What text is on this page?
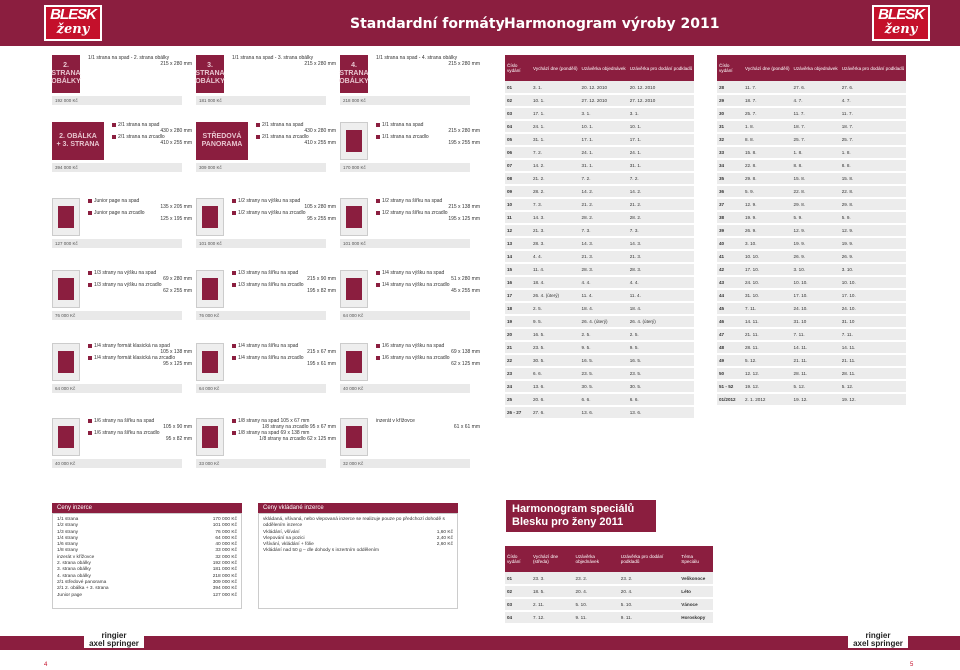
BLESK
ženy	Standardní formáty Harmonogram výroby 2011
BLESK
ženy
2.
STRANA
OBÁLKY
1/1 strana na spad - 2. strana obálky
215 x 280 mm
192 000 Kč
3.
STRANA
OBÁLKY
1/1 strana na spad - 3. strana obálky
215 x 280 mm
181 000 Kč
4.
STRANA
OBÁLKY
1/1 strana na spad - 4. strana obálky
215 x 280 mm
218 000 Kč
2. OBÁLKA
+ 3. STRANA
2/1 strana na spad
430 x 280 mm
2/1 strana na zrcadlo
410 x 255 mm
394 000 Kč
STŘEDOVÁ
PANORAMA
2/1 strana na spad
430 x 280 mm
2/1 strana na zrcadlo
410 x 255 mm
309 000 Kč
1/1 strana na spad
215 x 280 mm
1/1 strana na zrcadlo
195 x 255 mm
170 000 Kč
Junior page na spad
135 x 205 mm
Junior page na zrcadlo
125 x 195 mm
127 000 Kč
1/2 strany na výšku na spad
105 x 280 mm
1/2 strany na výšku na zrcadlo
95 x 255 mm
101 000 Kč
1/2 strany na šířku na spad
215 x 138 mm
1/2 strany na šířku na zrcadlo
195 x 125 mm
101 000 Kč
1/3 strany na výšku na spad
69 x 280 mm
1/3 strany na výšku na zrcadlo
62 x 255 mm
76 000 Kč
1/3 strany na šířku na spad
215 x 90 mm
1/3 strany na šířku na zrcadlo
195 x 82 mm
76 000 Kč
1/4 strany na výšku na spad
51 x 280 mm
1/4 strany na výšku na zrcadlo
45 x 255 mm
64 000 Kč
1/4 strany formát klasická na spad
105 x 138 mm
1/4 strany formát klasická na zrcadlo
95 x 125 mm
64 000 Kč
1/4 strany na šířku na spad
215 x 67 mm
1/4 strany na šířku na zrcadlo
195 x 61 mm
64 000 Kč
1/6 strany na výšku na spad
69 x 138 mm
1/6 strany na výšku na zrcadlo
62 x 125 mm
40 000 Kč
1/6 strany na šířku na spad
105 x 90 mm
1/6 strany na šířku na zrcadlo
95 x 82 mm
40 000 Kč
1/8 strany na spad 105 x 67 mm
1/8 strany na zrcadlo 95 x 67 mm
1/8 strany na spad 69 x 138 mm
1/8 strany na zrcadlo 62 x 125 mm
33 000 Kč
inzerát v křížovce
61 x 61 mm
32 000 Kč
Číslo vydání	Vychází dne (pondělí)	Uzávěrka objednávek	Uzávěrka pro dodání podkladů
01	3. 1.	20. 12. 2010	20. 12. 2010
02	10. 1.	27. 12. 2010	27. 12. 2010
03	17. 1.	3. 1.	3. 1.
04	24. 1.	10. 1.	10. 1.
05	31. 1.	17. 1.	17. 1.
06	7. 2.	24. 1.	24. 1.
07	14. 2.	31. 1.	31. 1.
08	21. 2.	7. 2.	7. 2.
09	28. 2.	14. 2.	14. 2.
10	7. 3.	21. 2.	21. 2.
11	14. 3.	28. 2.	28. 2.
12	21. 3.	7. 3.	7. 3.
13	28. 3.	14. 3.	14. 3.
14	4. 4.	21. 3.	21. 3.
15	11. 4.	28. 3.	28. 3.
16	18. 4.	4. 4.	4. 4.
17	26. 4. (úterý)	11. 4.	11. 4.
18	2. 5.	18. 4.	18. 4.
19	9. 5.	26. 4. (úterý)	26. 4. (úterý)
20	16. 5.	2. 5.	2. 5.
21	23. 5.	9. 5.	9. 5.
22	30. 5.	16. 5.	16. 5.
23	6. 6.	23. 5.	23. 5.
24	13. 6.	30. 5.	30. 5.
25	20. 6.	6. 6.	6. 6.
26 - 27	27. 6.	13. 6.	13. 6.
Číslo vydání	Vychází dne (pondělí)	Uzávěrka objednávek	Uzávěrka pro dodání podkladů
28	11. 7.	27. 6.	27. 6.
29	18. 7.	4. 7.	4. 7.
30	25. 7.	11. 7.	11. 7.
31	1. 8.	18. 7.	18. 7.
32	8. 8.	25. 7.	25. 7.
33	15. 8.	1. 8.	1. 8.
34	22. 8.	8. 8.	8. 8.
35	29. 8.	15. 8.	15. 8.
36	5. 9.	22. 8.	22. 8.
37	12. 9.	29. 8.	29. 8.
38	19. 9.	5. 9.	5. 9.
39	26. 9.	12. 9.	12. 9.
40	3. 10.	19. 9.	19. 9.
41	10. 10.	26. 9.	26. 9.
42	17. 10.	3. 10.	3. 10.
43	24. 10.	10. 10.	10. 10.
44	31. 10.	17. 10.	17. 10.
45	7. 11.	24. 10.	24. 10.
46	14. 11.	31. 10	31. 10
47	21. 11.	7. 11.	7. 11.
48	28. 11.	14. 11.	14. 11.
49	5. 12.	21. 11.	21. 11.
50	12. 12.	28. 11.	28. 11.
51 - 52	19. 12.	5. 12.	5. 12.
01/2012	2. 1. 2012	19. 12.	19. 12.
Harmonogram speciálů Blesku pro ženy 2011
Číslo vydání	Vychází dne (středa)	Uzávěrka objednávek	Uzávěrka pro dodání podkladů	Téma Speciálu
01	23. 3.	23. 2.	23. 2.	Velikonoce
02	18. 5.	20. 4.	20. 4.	Léto
03	2. 11.	5. 10.	5. 10.	Vánoce
04	7. 12.	9. 11.	9. 11.	Horoskopy
Ceny inzerce
1/1 strana	170 000 Kč
1/2 strany	101 000 Kč
1/3 strany	76 000 Kč
1/4 strany	64 000 Kč
1/6 strany	40 000 Kč
1/8 strany	33 000 Kč
inzerát v křížovce	32 000 Kč
2. strana obálky	192 000 Kč
3. strana obálky	181 000 Kč
4. strana obálky	218 000 Kč
2/1 středové panorama	309 000 Kč
2/1 2. obálka + 3. strana	394 000 Kč
Junior page	127 000 Kč
Ceny vkládané inzerce
vkládaná, všívaná, nebo vlepovaná inzerce se realizuje pouze po předchozí dohodě s oddělením inzerce
Vkládání, všívání	1,60 Kč
Vlepování na pozici	2,40 Kč
Všívání, vkládání + fólie	2,60 Kč
Vkládání nad 50 g – dle dohody s inzertním oddělením
ringier
axel springer
ringier
axel springer
4	5
